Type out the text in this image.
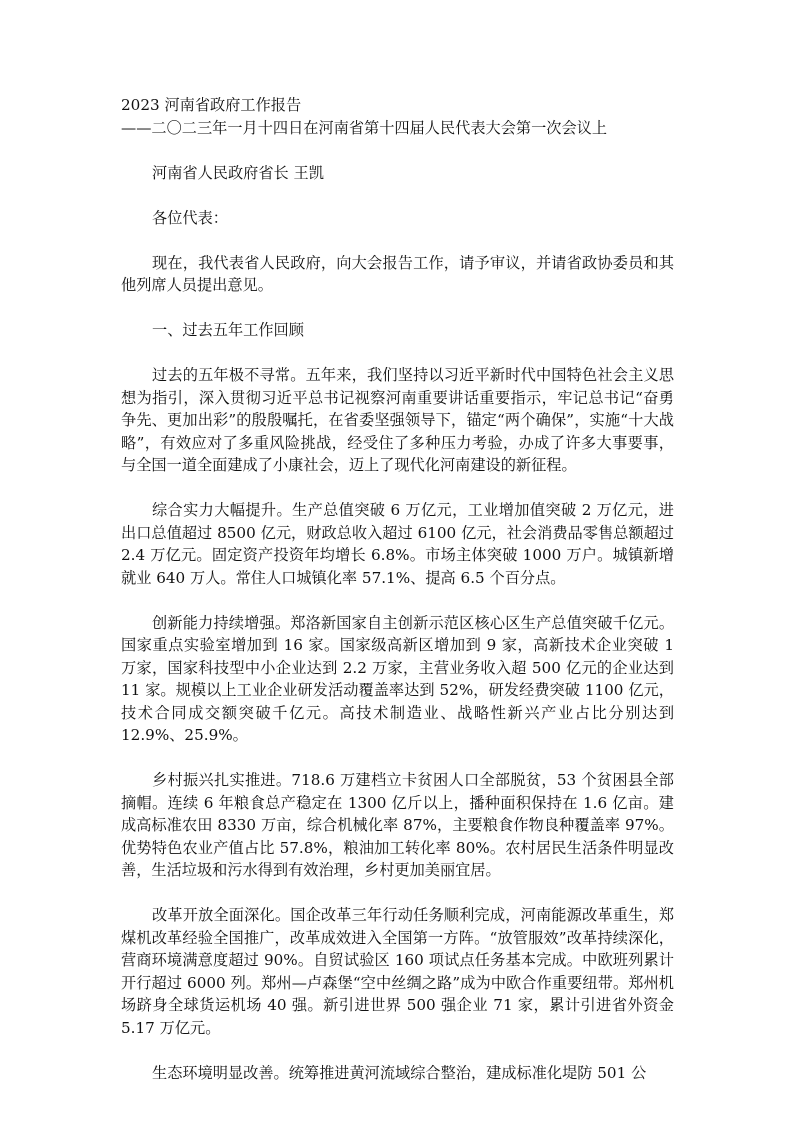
2023 河南省政府工作报告

——二〇二三年一月十四日在河南省第十四届人民代表大会第一次会议上

河南省人民政府省长 王凯

各位代表：

现在，我代表省人民政府，向大会报告工作，请予审议，并请省政协委员和其他列席人员提出意见。

一、过去五年工作回顾

过去的五年极不寻常。五年来，我们坚持以习近平新时代中国特色社会主义思想为指引，深入贯彻习近平总书记视察河南重要讲话重要指示，牢记总书记“奋勇争先、更加出彩”的殷殷嘱托，在省委坚强领导下，锚定“两个确保”，实施“十大战略”，有效应对了多重风险挑战，经受住了多种压力考验，办成了许多大事要事，与全国一道全面建成了小康社会，迈上了现代化河南建设的新征程。

综合实力大幅提升。生产总值突破 6 万亿元，工业增加值突破 2 万亿元，进出口总值超过 8500 亿元，财政总收入超过 6100 亿元，社会消费品零售总额超过 2.4 万亿元。固定资产投资年均增长 6.8%。市场主体突破 1000 万户。城镇新增就业 640 万人。常住人口城镇化率 57.1%、提高 6.5 个百分点。

创新能力持续增强。郑洛新国家自主创新示范区核心区生产总值突破千亿元。国家重点实验室增加到 16 家。国家级高新区增加到 9 家，高新技术企业突破 1 万家，国家科技型中小企业达到 2.2 万家，主营业务收入超 500 亿元的企业达到 11 家。规模以上工业企业研发活动覆盖率达到 52%，研发经费突破 1100 亿元，技术合同成交额突破千亿元。高技术制造业、战略性新兴产业占比分别达到 12.9%、25.9%。

乡村振兴扎实推进。718.6 万建档立卡贫困人口全部脱贫，53 个贫困县全部摘帽。连续 6 年粮食总产稳定在 1300 亿斤以上，播种面积保持在 1.6 亿亩。建成高标准农田 8330 万亩，综合机械化率 87%，主要粮食作物良种覆盖率 97%。优势特色农业产值占比 57.8%，粮油加工转化率 80%。农村居民生活条件明显改善，生活垃圾和污水得到有效治理，乡村更加美丽宜居。

改革开放全面深化。国企改革三年行动任务顺利完成，河南能源改革重生，郑煤机改革经验全国推广，改革成效进入全国第一方阵。“放管服效”改革持续深化，营商环境满意度超过 90%。自贸试验区 160 项试点任务基本完成。中欧班列累计开行超过 6000 列。郑州—卢森堡“空中丝绸之路”成为中欧合作重要纽带。郑州机场跻身全球货运机场 40 强。新引进世界 500 强企业 71 家，累计引进省外资金 5.17 万亿元。

生态环境明显改善。统筹推进黄河流域综合整治，建成标准化堤防 501 公
